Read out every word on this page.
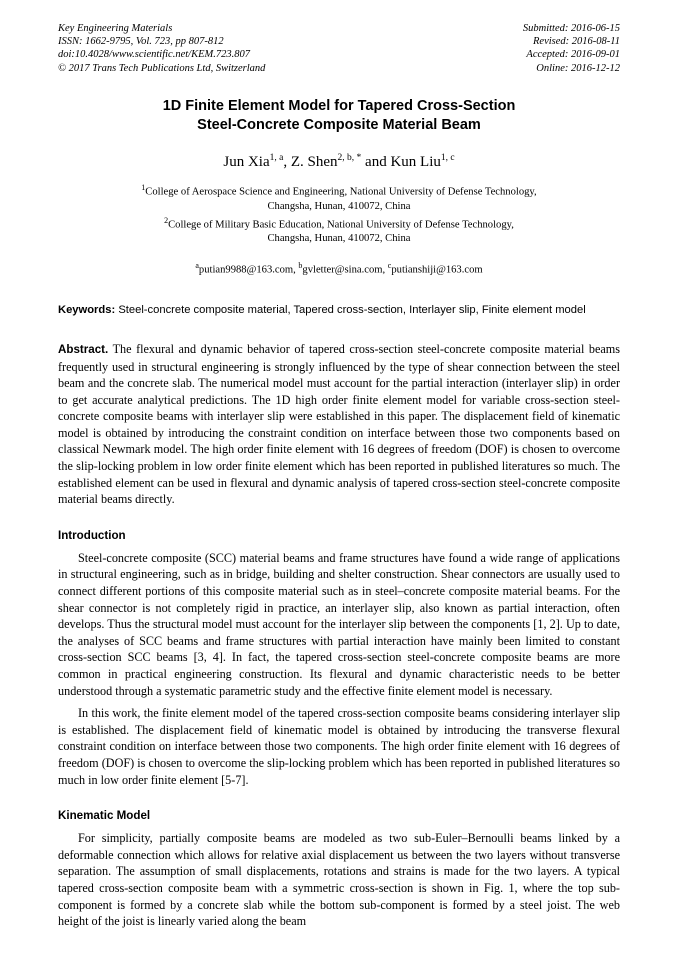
Key Engineering Materials
ISSN: 1662-9795, Vol. 723, pp 807-812
doi:10.4028/www.scientific.net/KEM.723.807
© 2017 Trans Tech Publications Ltd, Switzerland
Submitted: 2016-06-15
Revised: 2016-08-11
Accepted: 2016-09-01
Online: 2016-12-12
1D Finite Element Model for Tapered Cross-Section
Steel-Concrete Composite Material Beam
Jun Xia$^{1, a}$, Z. Shen$^{2, b, *}$ and Kun Liu$^{1, c}$
$^1$College of Aerospace Science and Engineering, National University of Defense Technology,
Changsha, Hunan, 410072, China
$^2$College of Military Basic Education, National University of Defense Technology,
Changsha, Hunan, 410072, China
$^a$putian9988@163.com, $^b$gvletter@sina.com, $^c$putianshiji@163.com
Keywords: Steel-concrete composite material, Tapered cross-section, Interlayer slip, Finite element model
Abstract. The flexural and dynamic behavior of tapered cross-section steel-concrete composite material beams frequently used in structural engineering is strongly influenced by the type of shear connection between the steel beam and the concrete slab. The numerical model must account for the partial interaction (interlayer slip) in order to get accurate analytical predictions. The 1D high order finite element model for variable cross-section steel-concrete composite beams with interlayer slip were established in this paper. The displacement field of kinematic model is obtained by introducing the constraint condition on interface between those two components based on classical Newmark model. The high order finite element with 16 degrees of freedom (DOF) is chosen to overcome the slip-locking problem in low order finite element which has been reported in published literatures so much. The established element can be used in flexural and dynamic analysis of tapered cross-section steel-concrete composite material beams directly.
Introduction
Steel-concrete composite (SCC) material beams and frame structures have found a wide range of applications in structural engineering, such as in bridge, building and shelter construction. Shear connectors are usually used to connect different portions of this composite material such as in steel–concrete composite material beams. For the shear connector is not completely rigid in practice, an interlayer slip, also known as partial interaction, often develops. Thus the structural model must account for the interlayer slip between the components [1, 2]. Up to date, the analyses of SCC beams and frame structures with partial interaction have mainly been limited to constant cross-section SCC beams [3, 4]. In fact, the tapered cross-section steel-concrete composite beams are more common in practical engineering construction. Its flexural and dynamic characteristic needs to be better understood through a systematic parametric study and the effective finite element model is necessary.
In this work, the finite element model of the tapered cross-section composite beams considering interlayer slip is established. The displacement field of kinematic model is obtained by introducing the transverse flexural constraint condition on interface between those two components. The high order finite element with 16 degrees of freedom (DOF) is chosen to overcome the slip-locking problem which has been reported in published literatures so much in low order finite element [5-7].
Kinematic Model
For simplicity, partially composite beams are modeled as two sub-Euler–Bernoulli beams linked by a deformable connection which allows for relative axial displacement us between the two layers without transverse separation. The assumption of small displacements, rotations and strains is made for the two layers. A typical tapered cross-section composite beam with a symmetric cross-section is shown in Fig. 1, where the top sub-component is formed by a concrete slab while the bottom sub-component is formed by a steel joist. The web height of the joist is linearly varied along the beam
